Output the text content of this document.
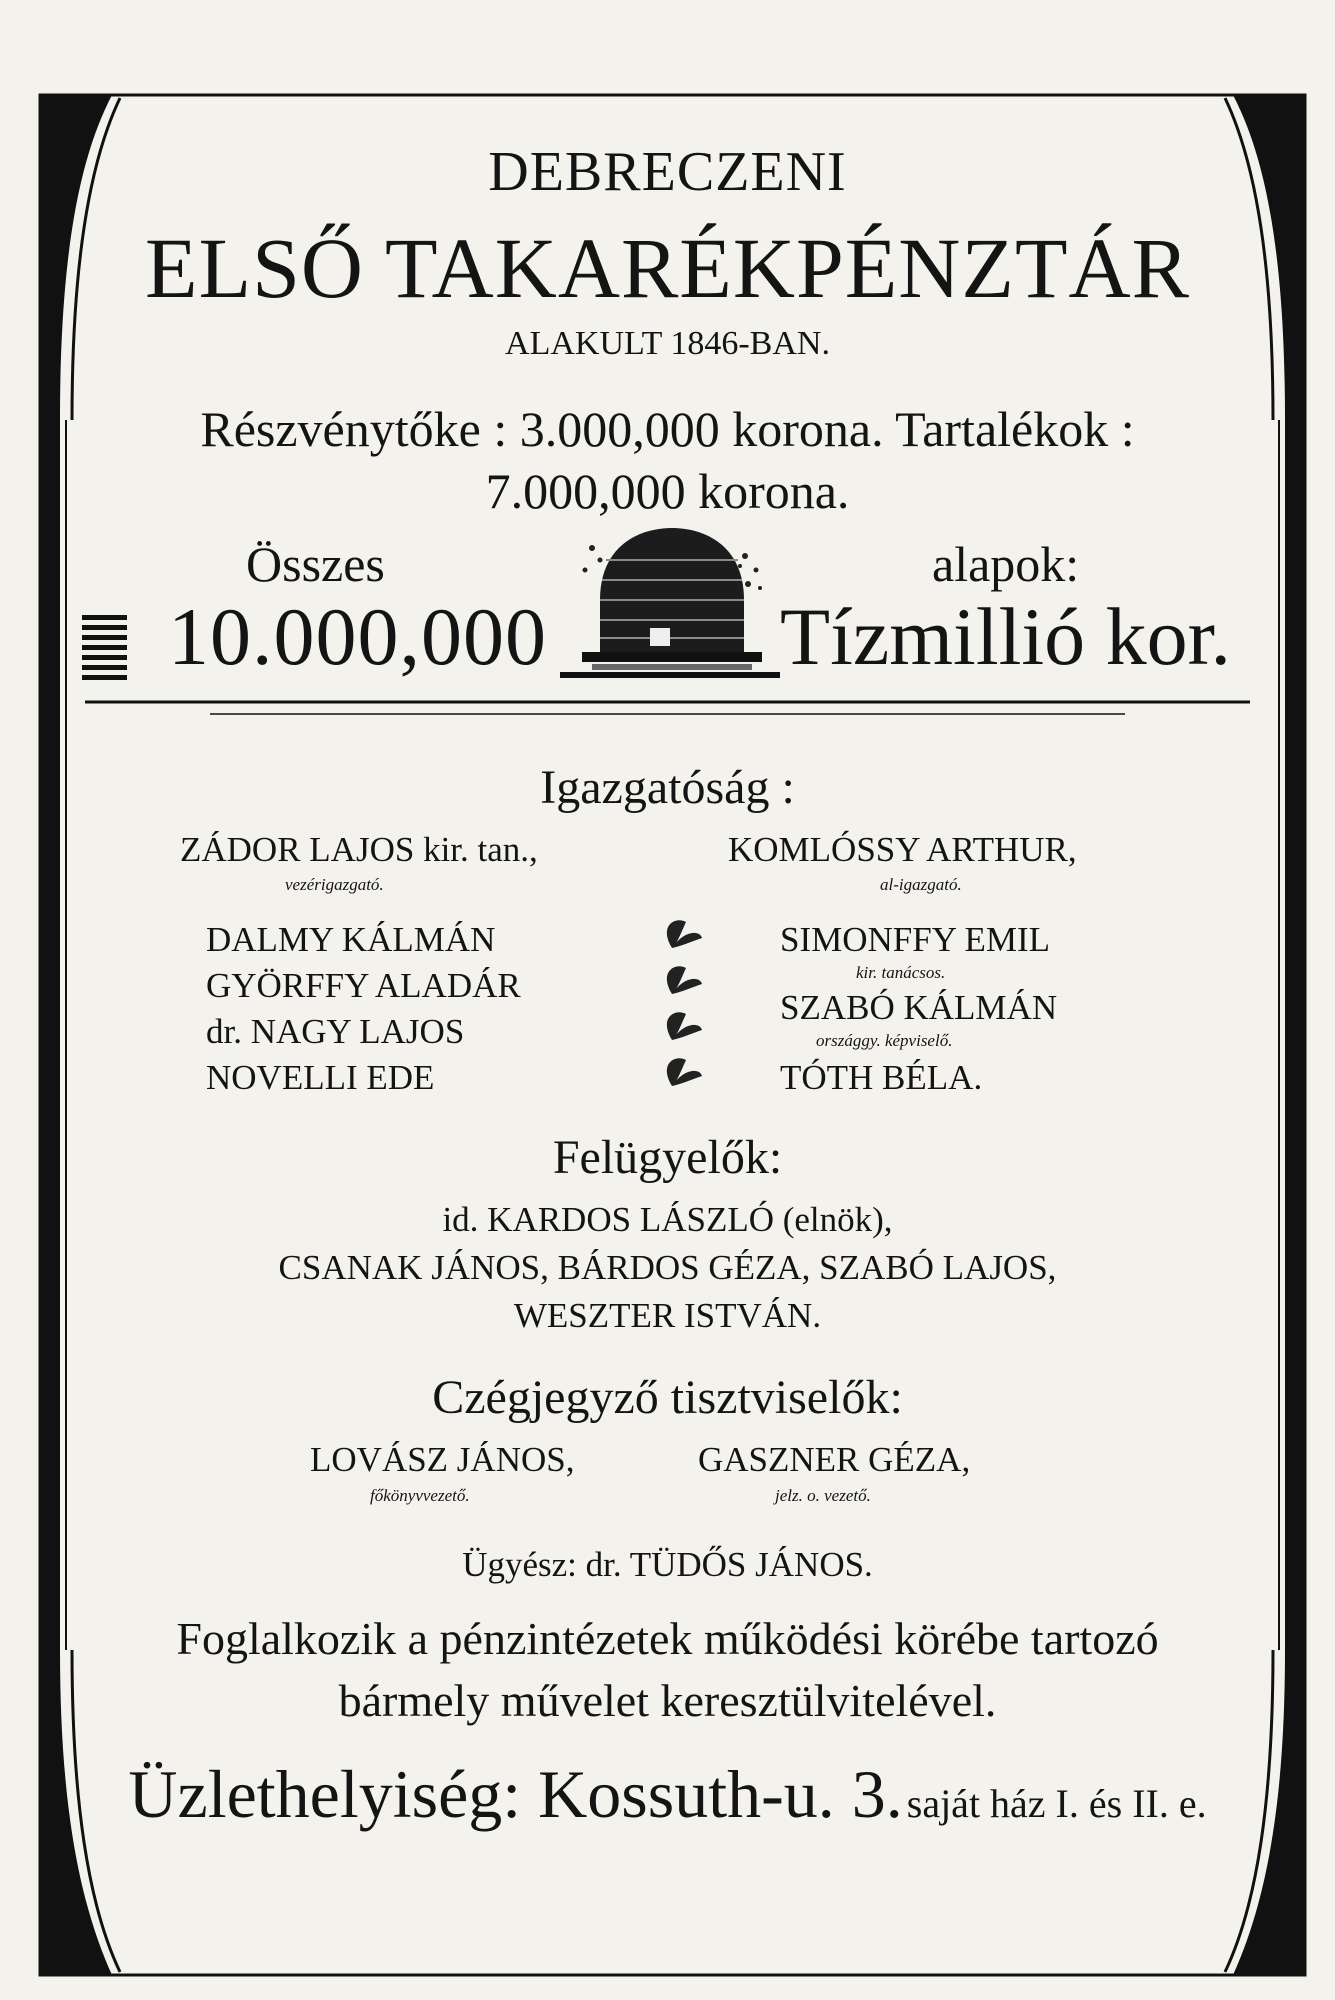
DEBRECZENI
ELSŐ TAKARÉKPÉNZTÁR
ALAKULT 1846-BAN.
Részvénytőke : 3.000,000 korona. Tartalékok :
7.000,000 korona.
Összes	alapok:
10.000,000	Tízmillió kor.
Igazgatóság :
ZÁDOR LAJOS kir. tan.,
vezérigazgató.
KOMLÓSSY ARTHUR,
al-igazgató.
DALMY KÁLMÁN
GYÖRFFY ALADÁR
dr. NAGY LAJOS
NOVELLI EDE
SIMONFFY EMIL
kir. tanácsos.
SZABÓ KÁLMÁN
országgy. képviselő.
TÓTH BÉLA.
Felügyelők:
id. KARDOS LÁSZLÓ (elnök),
CSANAK JÁNOS, BÁRDOS GÉZA, SZABÓ LAJOS,
WESZTER ISTVÁN.
Czégjegyző tisztviselők:
LOVÁSZ JÁNOS,
főkönyvvezető.
GASZNER GÉZA,
jelz. o. vezető.
Ügyész: dr. TÜDŐS JÁNOS.
Foglalkozik a pénzintézetek működési körébe tartozó
bármely művelet keresztülvitelével.
Üzlethelyiség: Kossuth-u. 3. saját ház I. és II. e.
